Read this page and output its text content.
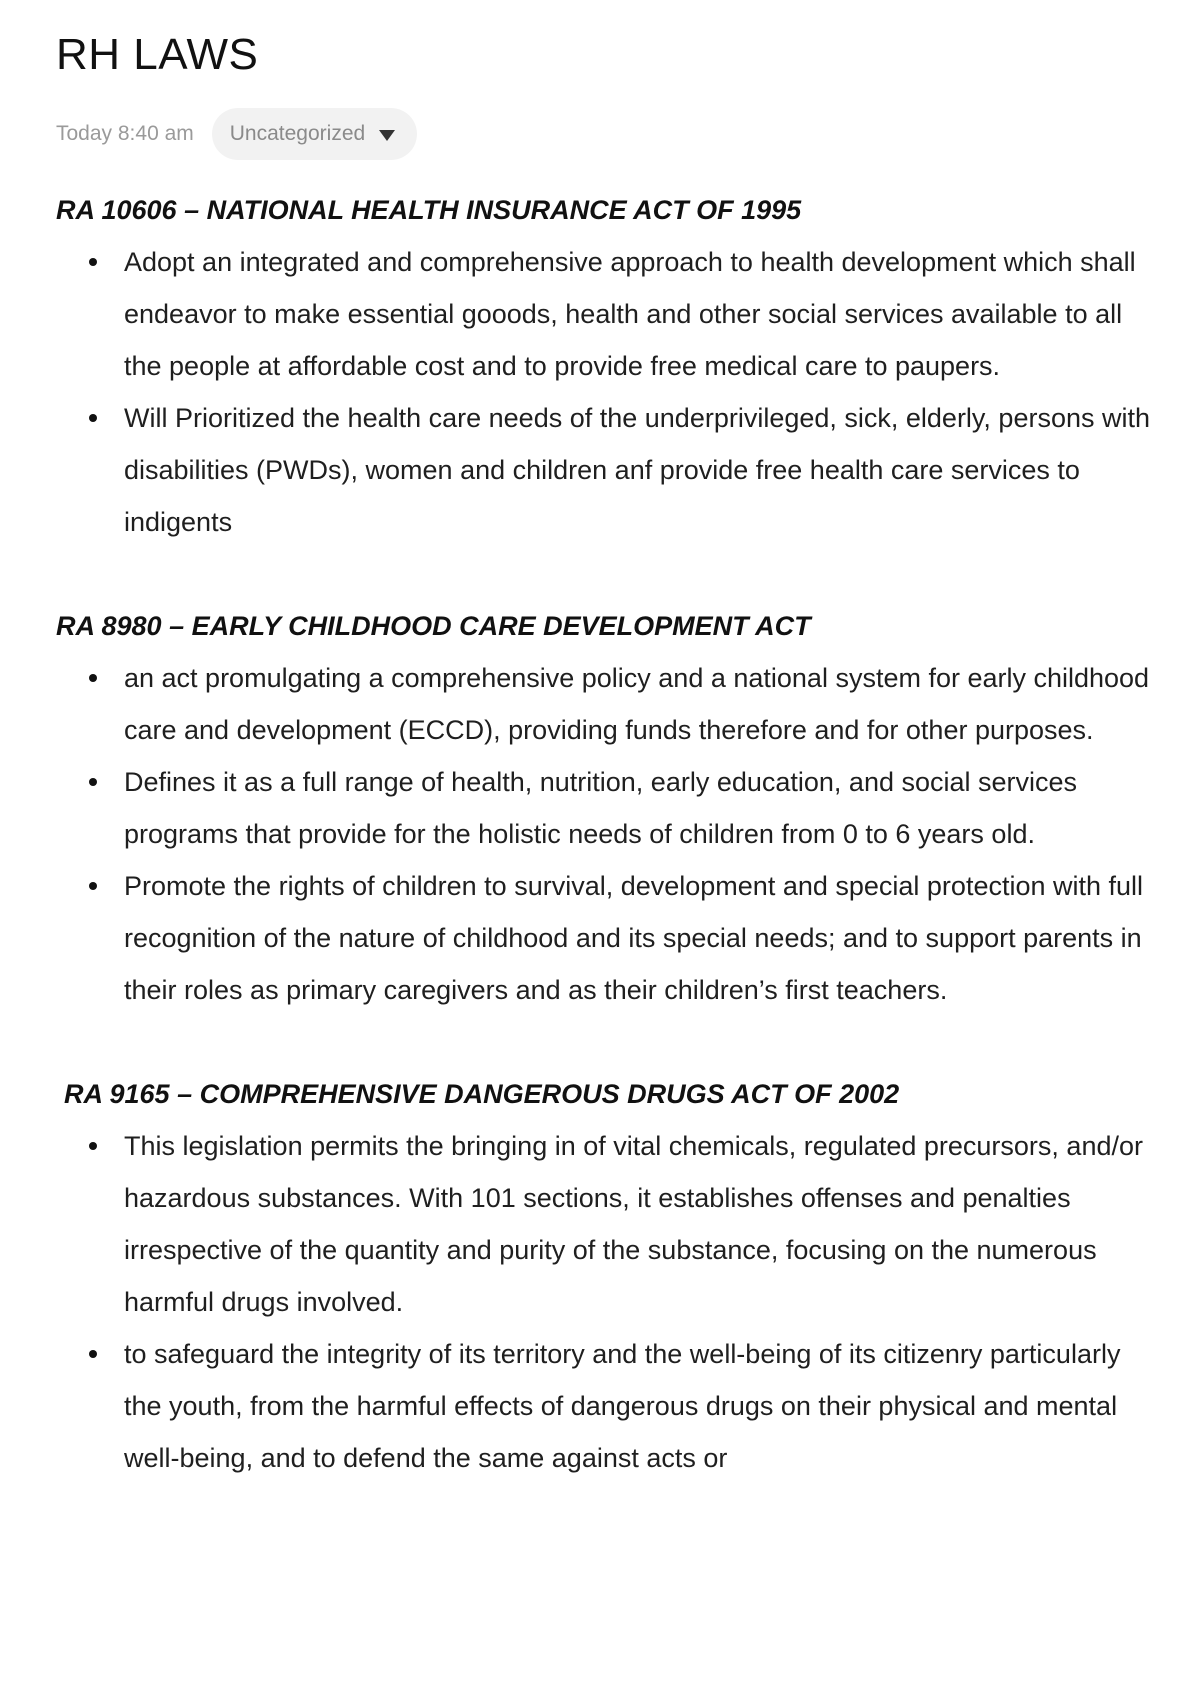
RH LAWS
Today 8:40 am Uncategorized
RA 10606 – NATIONAL HEALTH INSURANCE ACT OF 1995
Adopt an integrated and comprehensive approach to health development which shall endeavor to make essential gooods, health and other social services available to all the people at affordable cost and to provide free medical care to paupers.
Will Prioritized the health care needs of the underprivileged, sick, elderly, persons with disabilities (PWDs), women and children anf provide free health care services to indigents
RA 8980 – EARLY CHILDHOOD CARE DEVELOPMENT ACT
an act promulgating a comprehensive policy and a national system for early childhood care and development (ECCD), providing funds therefore and for other purposes.
Defines it as a full range of health, nutrition, early education, and social services programs that provide for the holistic needs of children from 0 to 6 years old.
Promote the rights of children to survival, development and special protection with full recognition of the nature of childhood and its special needs; and to support parents in their roles as primary caregivers and as their children’s first teachers.
RA 9165 – COMPREHENSIVE DANGEROUS DRUGS ACT OF 2002
This legislation permits the bringing in of vital chemicals, regulated precursors, and/or hazardous substances. With 101 sections, it establishes offenses and penalties irrespective of the quantity and purity of the substance, focusing on the numerous harmful drugs involved.
to safeguard the integrity of its territory and the well-being of its citizenry particularly the youth, from the harmful effects of dangerous drugs on their physical and mental well-being, and to defend the same against acts or
